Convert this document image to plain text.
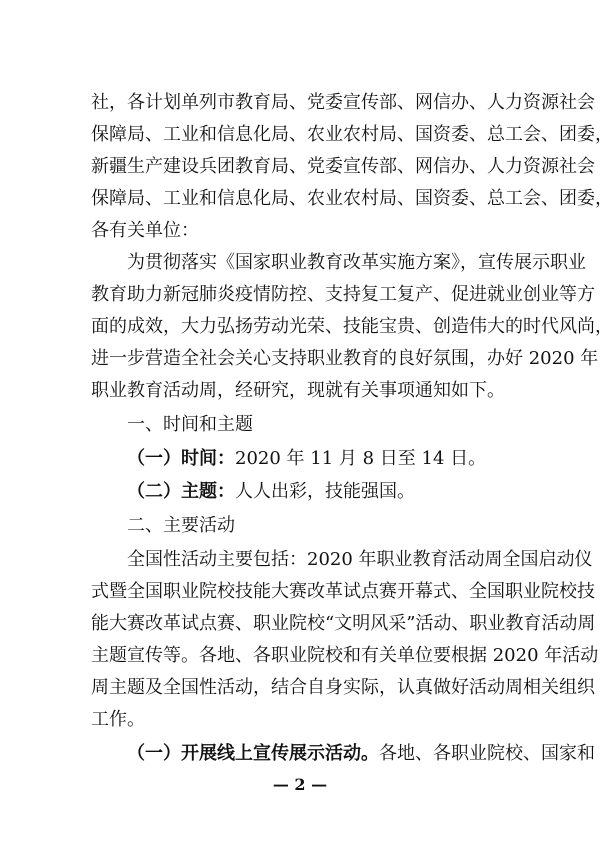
社，各计划单列市教育局、党委宣传部、网信办、人力资源社会
保障局、工业和信息化局、农业农村局、国资委、总工会、团委，
新疆生产建设兵团教育局、党委宣传部、网信办、人力资源社会
保障局、工业和信息化局、农业农村局、国资委、总工会、团委，
各有关单位：
为贯彻落实《国家职业教育改革实施方案》，宣传展示职业
教育助力新冠肺炎疫情防控、支持复工复产、促进就业创业等方
面的成效，大力弘扬劳动光荣、技能宝贵、创造伟大的时代风尚，
进一步营造全社会关心支持职业教育的良好氛围，办好 2020 年
职业教育活动周，经研究，现就有关事项通知如下。
一、时间和主题
（一）时间：2020 年 11 月 8 日至 14 日。
（二）主题：人人出彩，技能强国。
二、主要活动
全国性活动主要包括：2020 年职业教育活动周全国启动仪
式暨全国职业院校技能大赛改革试点赛开幕式、全国职业院校技
能大赛改革试点赛、职业院校“文明风采”活动、职业教育活动周
主题宣传等。各地、各职业院校和有关单位要根据 2020 年活动
周主题及全国性活动，结合自身实际，认真做好活动周相关组织
工作。
（一）开展线上宣传展示活动。各地、各职业院校、国家和
— 2 —
